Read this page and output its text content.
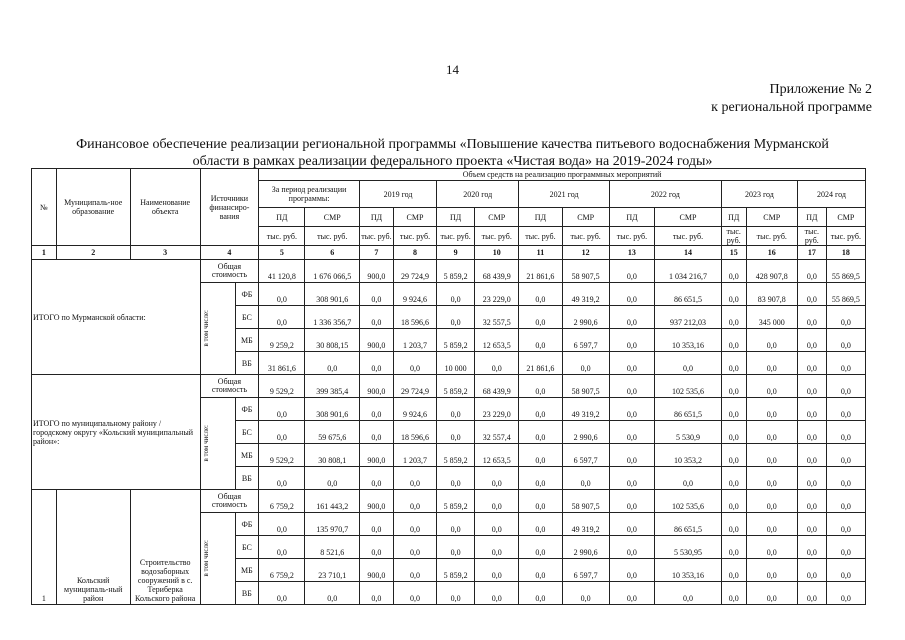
14
Приложение № 2
к региональной программе
Финансовое обеспечение реализации региональной программы «Повышение качества питьевого водоснабжения Мурманской
области в рамках реализации федерального проекта «Чистая вода» на 2019-2024 годы»
№	Муниципаль-ное образование	Наименование объекта	Источники финансиро-вания		Объем средств на реализацию программных мероприятий													
					За период реализации программы:		2019 год		2020 год		2021 год		2022 год		2023 год		2024 год	
					ПД	СМР	ПД	СМР	ПД	СМР	ПД	СМР	ПД	СМР	ПД	СМР	ПД	СМР
					тыс. руб.	тыс. руб.	тыс. руб.	тыс. руб.	тыс. руб.	тыс. руб.	тыс. руб.	тыс. руб.	тыс. руб.	тыс. руб.	тыс. руб.	тыс. руб.	тыс. руб.	тыс. руб.
1	2	3	4		5	6	7	8	9	10	11	12	13	14	15	16	17	18
ИТОГО по Мурманской области:			Общая стоимость		41 120,8	1 676 066,5	900,0	29 724,9	5 859,2	68 439,9	21 861,6	58 907,5	0,0	1 034 216,7	0,0	428 907,8	0,0	55 869,5

			в том числе:	ФБ	0,0	308 901,6	0,0	9 924,6	0,0	23 229,0	0,0	49 319,2	0,0	86 651,5	0,0	83 907,8	0,0	55 869,5
				БС	0,0	1 336 356,7	0,0	18 596,6	0,0	32 557,5	0,0	2 990,6	0,0	937 212,03	0,0	345 000	0,0	0,0
				МБ	9 259,2	30 808,15	900,0	1 203,7	5 859,2	12 653,5	0,0	6 597,7	0,0	10 353,16	0,0	0,0	0,0	0,0
				ВБ	31 861,6	0,0	0,0	0,0	10 000	0,0	21 861,6	0,0	0,0	0,0	0,0	0,0	0,0	0,0
ИТОГО по муниципальному району / городскому округу «Кольский муниципальный район»:			Общая стоимость		9 529,2	399 385,4	900,0	29 724,9	5 859,2	68 439,9	0,0	58 907,5	0,0	102 535,6	0,0	0,0	0,0	0,0

			в том числе:	ФБ	0,0	308 901,6	0,0	9 924,6	0,0	23 229,0	0,0	49 319,2	0,0	86 651,5	0,0	0,0	0,0	0,0
				БС	0,0	59 675,6	0,0	18 596,6	0,0	32 557,4	0,0	2 990,6	0,0	5 530,9	0,0	0,0	0,0	0,0
				МБ	9 529,2	30 808,1	900,0	1 203,7	5 859,2	12 653,5	0,0	6 597,7	0,0	10 353,2	0,0	0,0	0,0	0,0
				ВБ	0,0	0,0	0,0	0,0	0,0	0,0	0,0	0,0	0,0	0,0	0,0	0,0	0,0	0,0
1	Кольский муниципаль-ный район	Строительство водозаборных сооружений в с. Териберка Кольского района	Общая стоимость		6 759,2	161 443,2	900,0	0,0	5 859,2	0,0	0,0	58 907,5	0,0	102 535,6	0,0	0,0	0,0	0,0

			в том числе:	ФБ	0,0	135 970,7	0,0	0,0	0,0	0,0	0,0	49 319,2	0,0	86 651,5	0,0	0,0	0,0	0,0
				БС	0,0	8 521,6	0,0	0,0	0,0	0,0	0,0	2 990,6	0,0	5 530,95	0,0	0,0	0,0	0,0
				МБ	6 759,2	23 710,1	900,0	0,0	5 859,2	0,0	0,0	6 597,7	0,0	10 353,16	0,0	0,0	0,0	0,0
				ВБ	0,0	0,0	0,0	0,0	0,0	0,0	0,0	0,0	0,0	0,0	0,0	0,0	0,0	0,0
